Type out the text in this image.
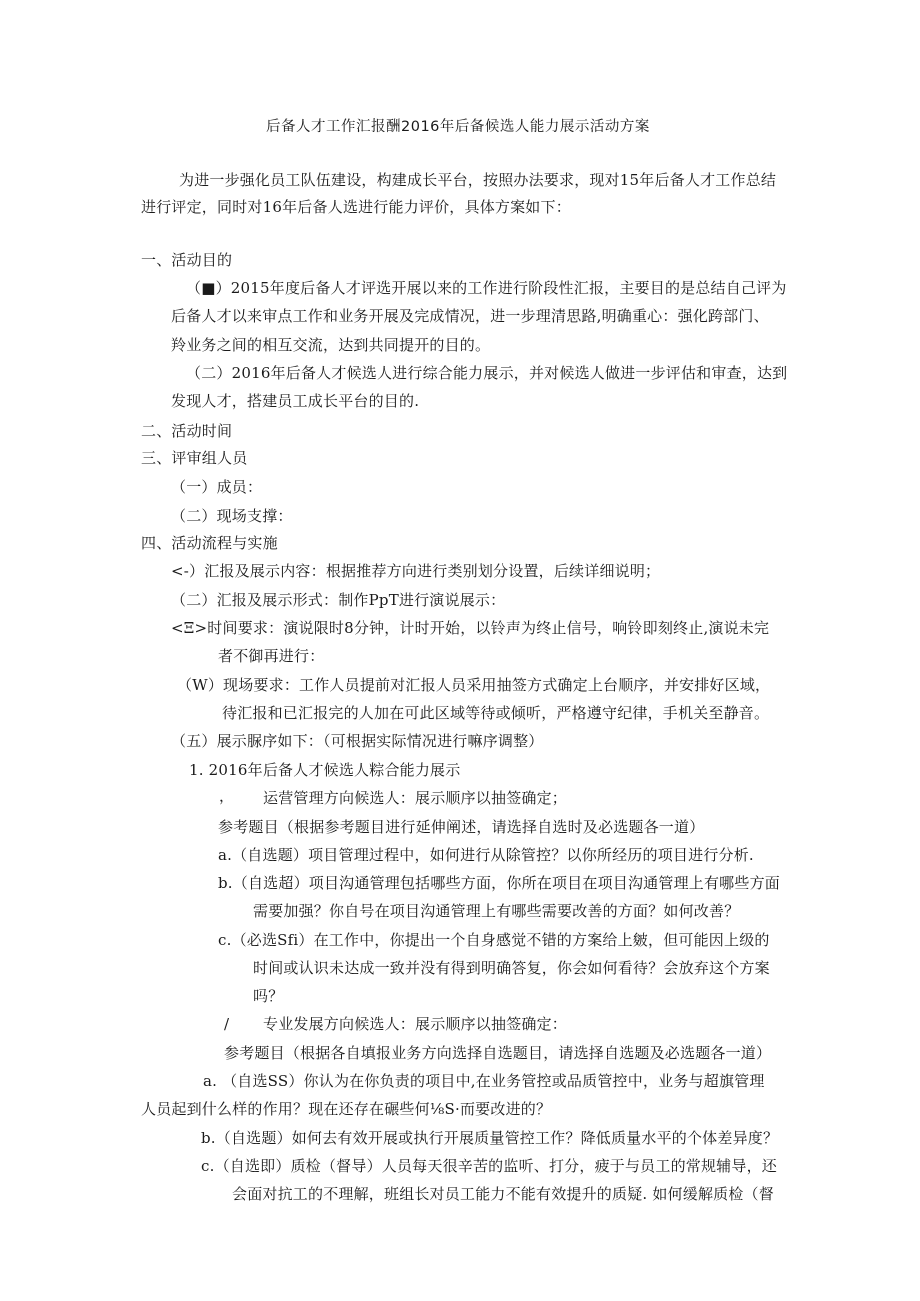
后备人才工作汇报酬2016年后备候选人能力展示活动方案
为进一步强化员工队伍建设，构建成长平台，按照办法要求，现对15年后备人才工作总结
进行评定，同时对16年后备人选进行能力评价，具体方案如下：
一、活动目的
（■）2015年度后备人才评选开展以来的工作进行阶段性汇报，主要目的是总结自己评为
后备人才以来审点工作和业务开展及完成情况，进一步理清思路,明确重心：强化跨部门、
羚业务之间的相互交流，达到共同提开的目的。
（二）2016年后备人才候选人进行综合能力展示，并对候选人做进一步评估和审查，达到
发现人才，搭建员工成长平台的目的.
二、活动时间
三、评审组人员
（一）成员：
（二）现场支撑：
四、活动流程与实施
<-）汇报及展示内容：根据推荐方向进行类别划分设置，后续详细说明；
（二）汇报及展示形式：制作PpT进行演说展示：
<Ξ>时间要求：演说限时8分钟，计时开始，以铃声为终止信号，响铃即刻终止,演说未完
者不御再进行：
（W）现场要求：工作人员提前对汇报人员采用抽签方式确定上台顺序，并安排好区域，
待汇报和已汇报完的人加在可此区域等待或倾听，严格遵守纪律，手机关至静音。
（五）展示脲序如下：（可根据实际情况进行嘛序调整）
1. 2016年后备人才候选人粽合能力展示
， 运营管理方向候选人：展示顺序以抽签确定；
参考题目（根据参考题目进行延伸阐述，请选择自选时及必选题各一道）
a.（自选题）项目管理过程中，如何进行从除管控？以你所经历的项目进行分析.
b.（自选超）项目沟通管理包括哪些方面，你所在项目在项目沟通管理上有哪些方面
需要加强？你自号在项目沟通管理上有哪些需要改善的方面？如何改善？
c.（必选Sfi）在工作中，你提出一个自身感觉不错的方案给上皴，但可能因上级的
时间或认识未达成一致并没有得到明确答复，你会如何看待？会放弃这个方案
吗？
/ 专业发展方向候选人：展示顺序以抽签确定：
参考题目（根据各自填报业务方向选择自选题目，请选择自选题及必选题各一道）
a. （自选SS）你认为在你负责的项目中,在业务管控或品质管控中，业务与超旗管理
人员起到什么样的作用？现在还存在碾些何⅛S·而要改进的？
b.（自选题）如何去有效开展或执行开展质量管控工作？降低质量水平的个体差异度？
c.（自选即）质检（督导）人员每天很辛苦的监听、打分，疲于与员工的常规辅导，还
会面对抗工的不理解，班组长对员工能力不能有效提升的质疑. 如何缓解质检（督
